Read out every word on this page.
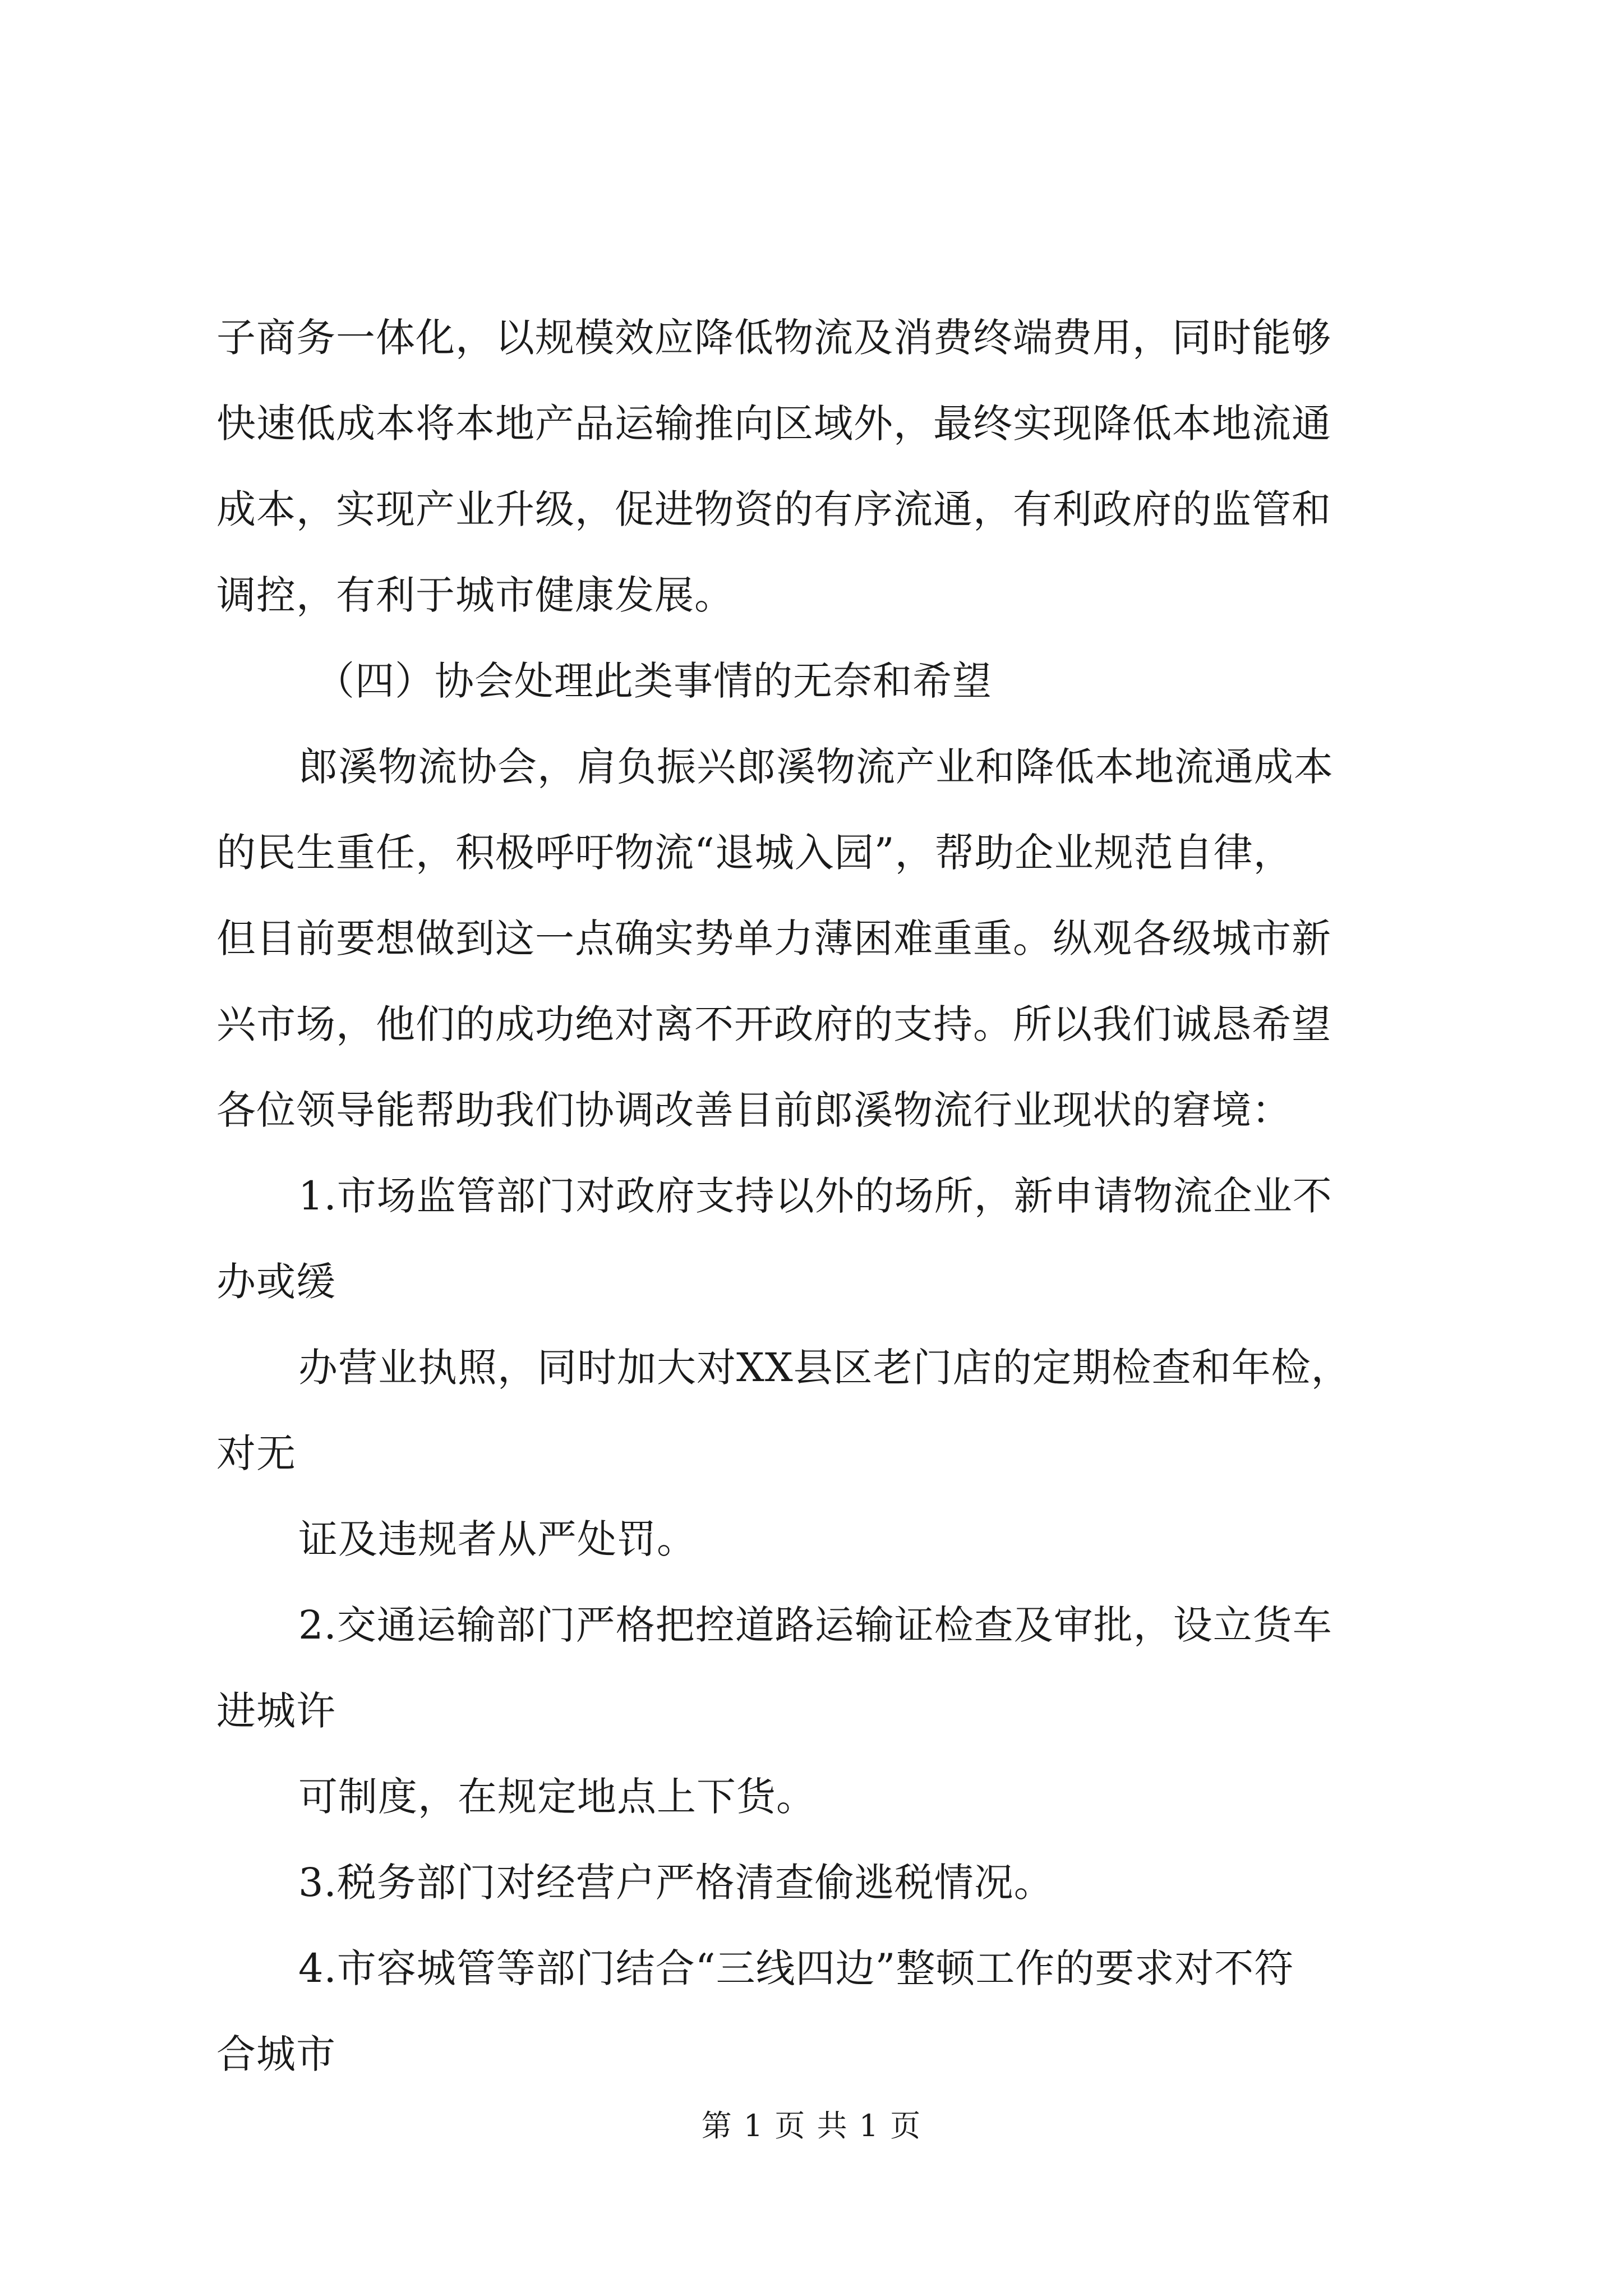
子商务一体化，以规模效应降低物流及消费终端费用，同时能够
快速低成本将本地产品运输推向区域外，最终实现降低本地流通
成本，实现产业升级，促进物资的有序流通，有利政府的监管和
调控，有利于城市健康发展。
（四）协会处理此类事情的无奈和希望
郎溪物流协会，肩负振兴郎溪物流产业和降低本地流通成本
的民生重任，积极呼吁物流“退城入园”，帮助企业规范自律，
但目前要想做到这一点确实势单力薄困难重重。纵观各级城市新
兴市场，他们的成功绝对离不开政府的支持。所以我们诚恳希望
各位领导能帮助我们协调改善目前郎溪物流行业现状的窘境：
1.市场监管部门对政府支持以外的场所，新申请物流企业不
办或缓
办营业执照，同时加大对XX县区老门店的定期检查和年检，
对无
证及违规者从严处罚。
2.交通运输部门严格把控道路运输证检查及审批，设立货车
进城许
可制度，在规定地点上下货。
3.税务部门对经营户严格清查偷逃税情况。
4.市容城管等部门结合“三线四边”整顿工作的要求对不符
合城市
第 1 页 共 1 页
